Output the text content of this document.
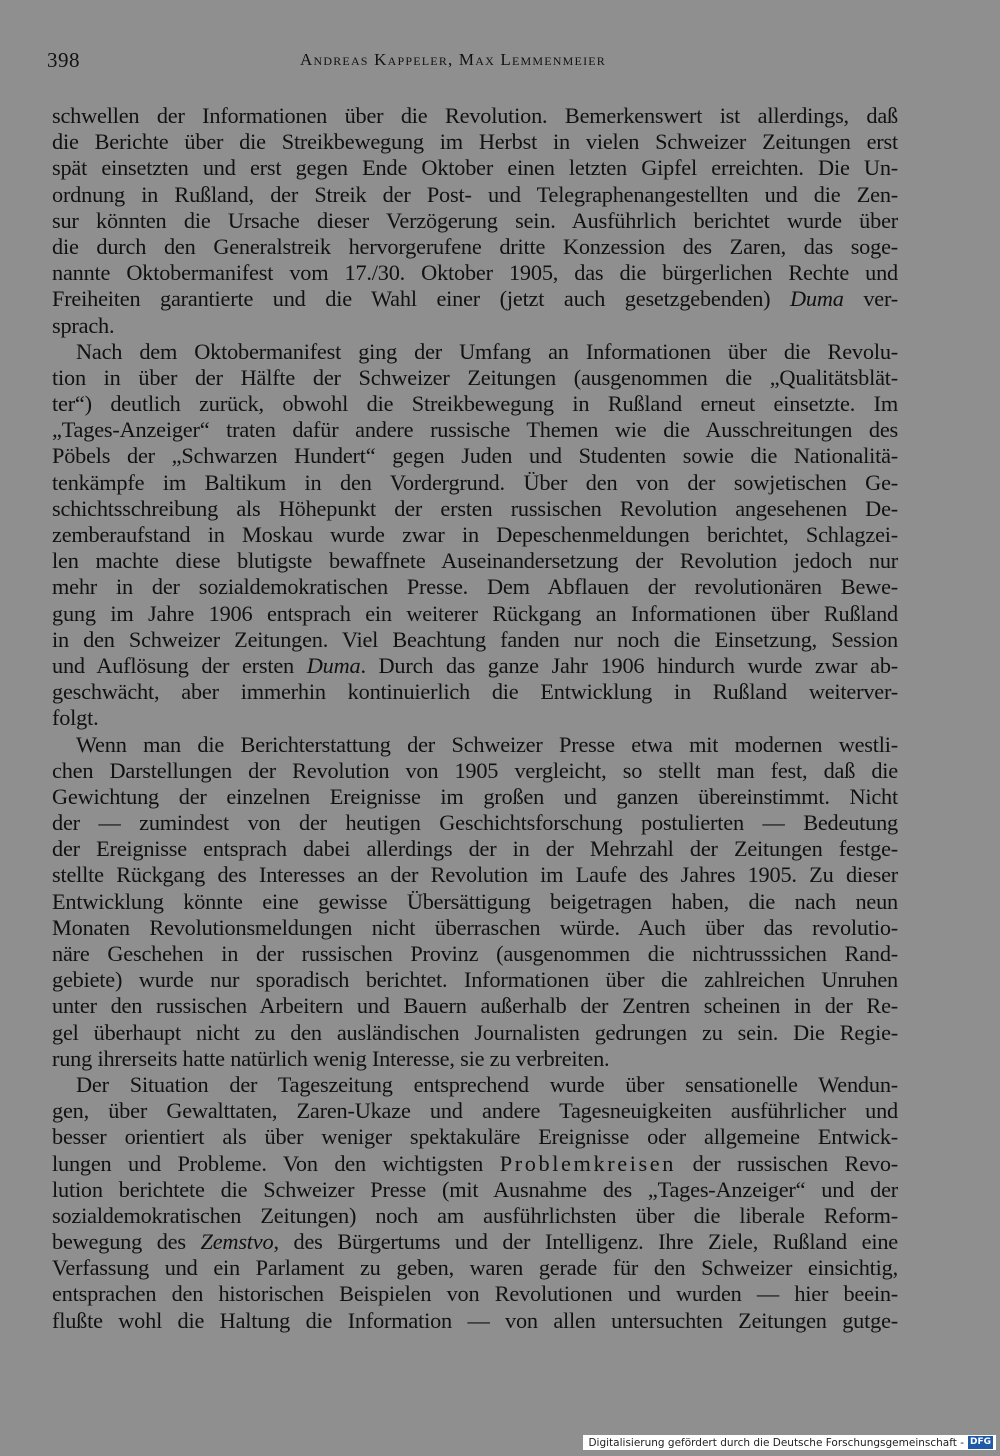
398	Andreas Kappeler, Max Lemmenmeier
schwellen der Informationen über die Revolution. Bemerkenswert ist allerdings, daß
die Berichte über die Streikbewegung im Herbst in vielen Schweizer Zeitungen erst
spät einsetzten und erst gegen Ende Oktober einen letzten Gipfel erreichten. Die Un-
ordnung in Rußland, der Streik der Post- und Telegraphenangestellten und die Zen-
sur könnten die Ursache dieser Verzögerung sein. Ausführlich berichtet wurde über
die durch den Generalstreik hervorgerufene dritte Konzession des Zaren, das soge-
nannte Oktobermanifest vom 17./30. Oktober 1905, das die bürgerlichen Rechte und
Freiheiten garantierte und die Wahl einer (jetzt auch gesetzgebenden) Duma ver-
sprach.
Nach dem Oktobermanifest ging der Umfang an Informationen über die Revolu-
tion in über der Hälfte der Schweizer Zeitungen (ausgenommen die „Qualitätsblät-
ter“) deutlich zurück, obwohl die Streikbewegung in Rußland erneut einsetzte. Im
„Tages-Anzeiger“ traten dafür andere russische Themen wie die Ausschreitungen des
Pöbels der „Schwarzen Hundert“ gegen Juden und Studenten sowie die Nationalitä-
tenkämpfe im Baltikum in den Vordergrund. Über den von der sowjetischen Ge-
schichtsschreibung als Höhepunkt der ersten russischen Revolution angesehenen De-
zemberaufstand in Moskau wurde zwar in Depeschenmeldungen berichtet, Schlagzei-
len machte diese blutigste bewaffnete Auseinandersetzung der Revolution jedoch nur
mehr in der sozialdemokratischen Presse. Dem Abflauen der revolutionären Bewe-
gung im Jahre 1906 entsprach ein weiterer Rückgang an Informationen über Rußland
in den Schweizer Zeitungen. Viel Beachtung fanden nur noch die Einsetzung, Session
und Auflösung der ersten Duma. Durch das ganze Jahr 1906 hindurch wurde zwar ab-
geschwächt, aber immerhin kontinuierlich die Entwicklung in Rußland weiterver-
folgt.
Wenn man die Berichterstattung der Schweizer Presse etwa mit modernen westli-
chen Darstellungen der Revolution von 1905 vergleicht, so stellt man fest, daß die
Gewichtung der einzelnen Ereignisse im großen und ganzen übereinstimmt. Nicht
der — zumindest von der heutigen Geschichtsforschung postulierten — Bedeutung
der Ereignisse entsprach dabei allerdings der in der Mehrzahl der Zeitungen festge-
stellte Rückgang des Interesses an der Revolution im Laufe des Jahres 1905. Zu dieser
Entwicklung könnte eine gewisse Übersättigung beigetragen haben, die nach neun
Monaten Revolutionsmeldungen nicht überraschen würde. Auch über das revolutio-
näre Geschehen in der russischen Provinz (ausgenommen die nichtrusssichen Rand-
gebiete) wurde nur sporadisch berichtet. Informationen über die zahlreichen Unruhen
unter den russischen Arbeitern und Bauern außerhalb der Zentren scheinen in der Re-
gel überhaupt nicht zu den ausländischen Journalisten gedrungen zu sein. Die Regie-
rung ihrerseits hatte natürlich wenig Interesse, sie zu verbreiten.
Der Situation der Tageszeitung entsprechend wurde über sensationelle Wendun-
gen, über Gewalttaten, Zaren-Ukaze und andere Tagesneuigkeiten ausführlicher und
besser orientiert als über weniger spektakuläre Ereignisse oder allgemeine Entwick-
lungen und Probleme. Von den wichtigsten Problemkreisen der russischen Revo-
lution berichtete die Schweizer Presse (mit Ausnahme des „Tages-Anzeiger“ und der
sozialdemokratischen Zeitungen) noch am ausführlichsten über die liberale Reform-
bewegung des Zemstvo, des Bürgertums und der Intelligenz. Ihre Ziele, Rußland eine
Verfassung und ein Parlament zu geben, waren gerade für den Schweizer einsichtig,
entsprachen den historischen Beispielen von Revolutionen und wurden — hier beein-
flußte wohl die Haltung die Information — von allen untersuchten Zeitungen gutge-
Digitalisierung gefördert durch die Deutsche Forschungsgemeinschaft - DFG
